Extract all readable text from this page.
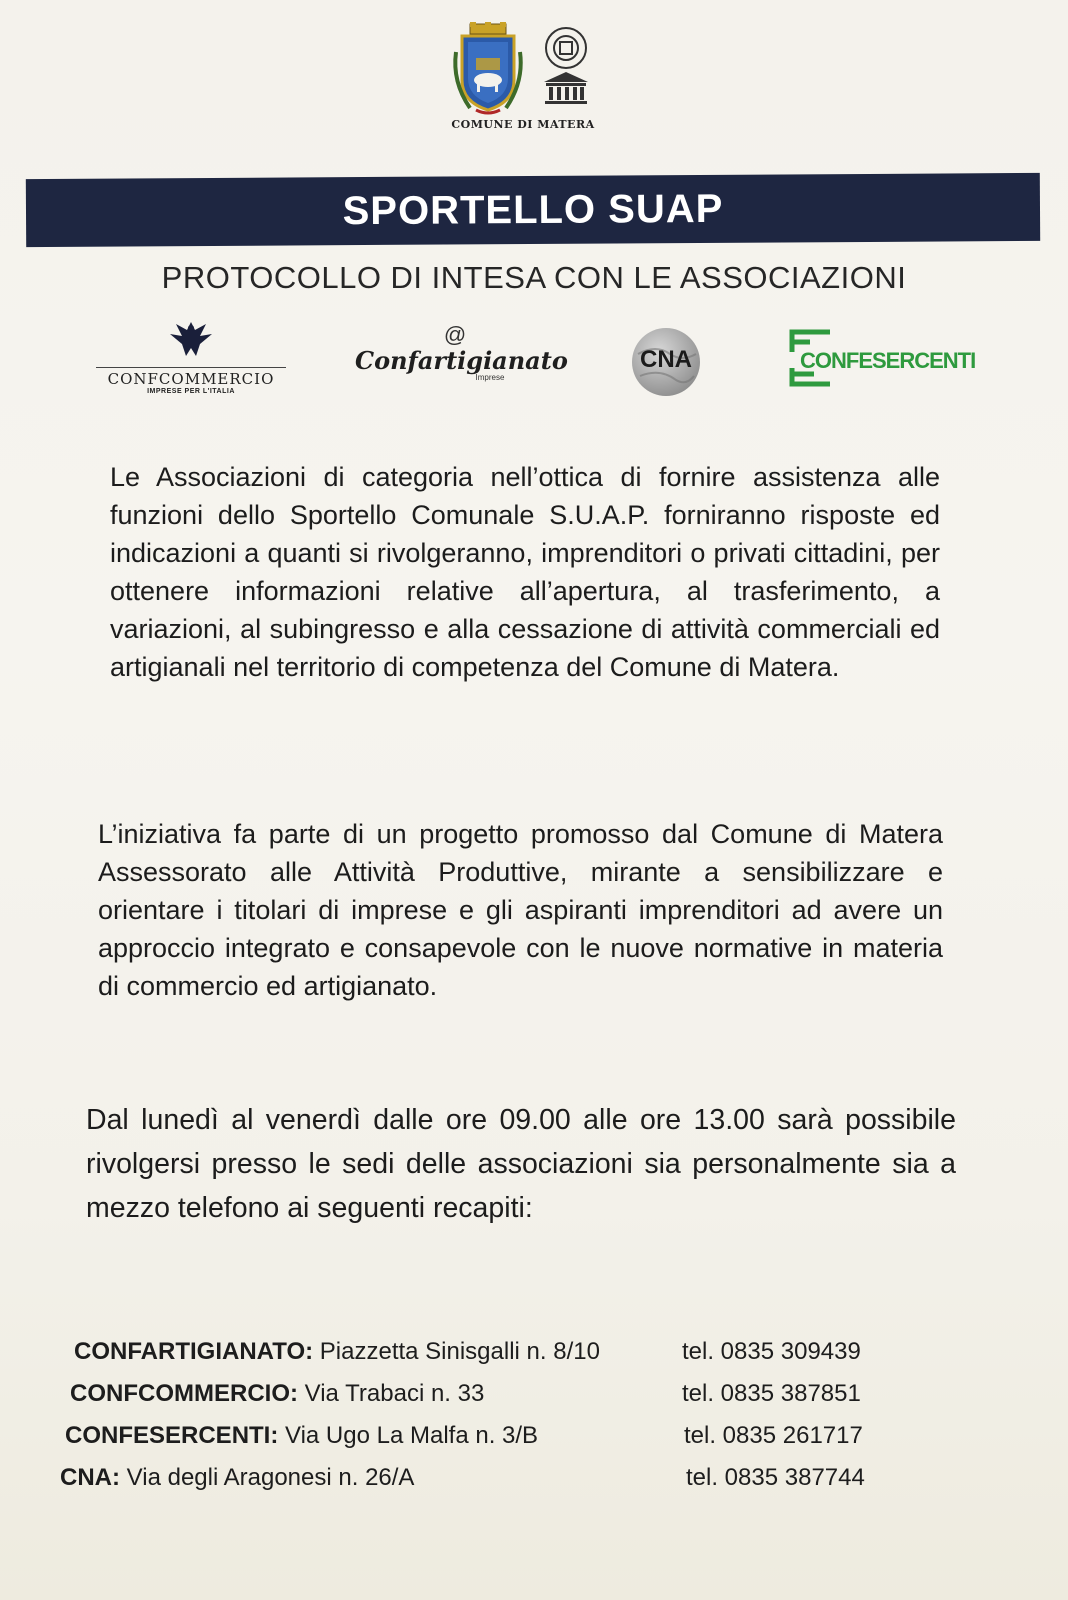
COMUNE DI MATERA
SPORTELLO SUAP
PROTOCOLLO DI INTESA CON LE ASSOCIAZIONI
CONFCOMMERCIO
IMPRESE PER L'ITALIA
@
Confartigianato
Imprese
CNA	CONFESERCENTI
Le Associazioni di categoria nell’ottica di fornire assistenza alle funzioni dello Sportello Comunale S.U.A.P. forniranno risposte ed indicazioni a quanti si rivolgeranno, imprenditori o privati cittadini, per ottenere informazioni relative all’apertura, al trasferimento, a variazioni, al subingresso e alla cessazione di attività commerciali ed artigianali nel territorio di competenza del Comune di Matera.
L’iniziativa fa parte di un progetto promosso dal Comune di Matera Assessorato alle Attività Produttive, mirante a sensibilizzare e orientare i titolari di imprese e gli aspiranti imprenditori ad avere un approccio integrato e consapevole con le nuove normative in materia di commercio ed artigianato.
Dal lunedì al venerdì dalle ore 09.00 alle ore 13.00 sarà possibile rivolgersi presso le sedi delle associazioni sia personalmente sia a mezzo telefono ai seguenti recapiti:
CONFARTIGIANATO: Piazzetta Sinisgalli n. 8/10	tel. 0835 309439
CONFCOMMERCIO: Via Trabaci n. 33	tel. 0835 387851
CONFESERCENTI: Via Ugo La Malfa n. 3/B	tel. 0835 261717
CNA: Via degli Aragonesi n. 26/A	tel. 0835 387744
